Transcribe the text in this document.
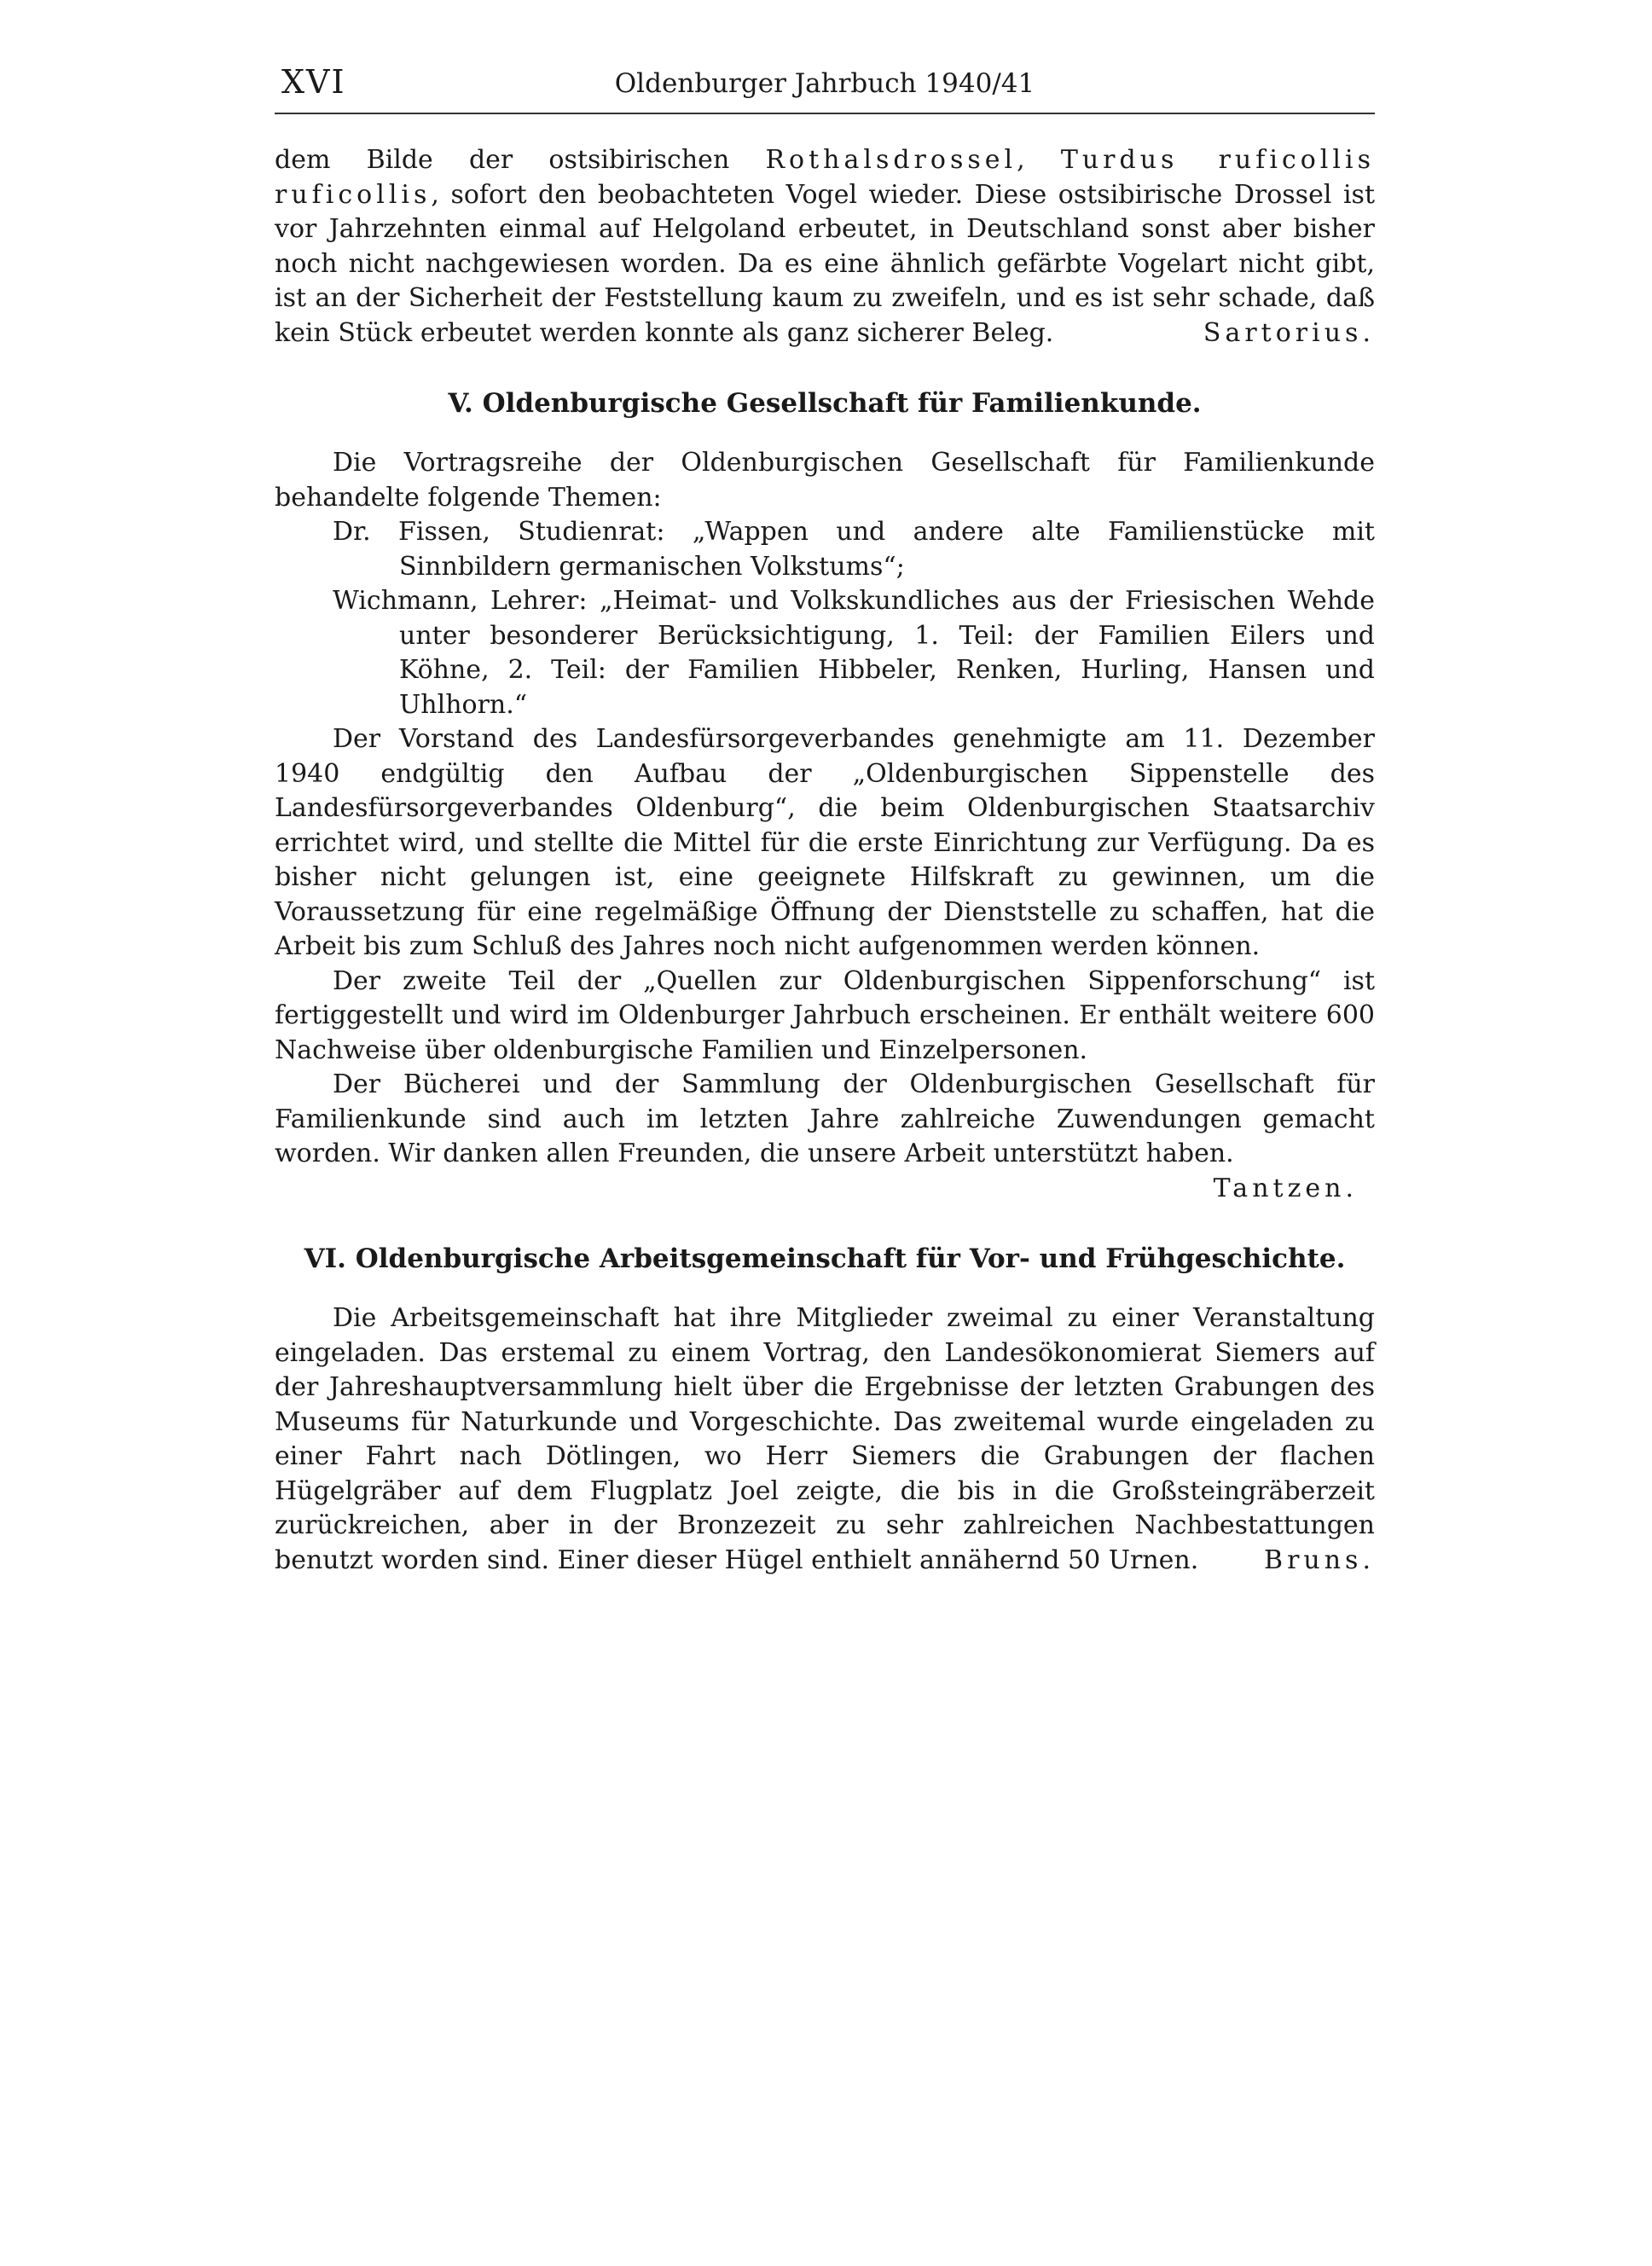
XVI	Oldenburger Jahrbuch 1940/41

dem Bilde der ostsibirischen Rothalsdrossel, Turdus ruficollis ruficollis, sofort den beobachteten Vogel wieder. Diese ostsibirische Drossel ist vor Jahrzehnten einmal auf Helgoland erbeutet, in Deutschland sonst aber bisher noch nicht nachgewiesen worden. Da es eine ähnlich gefärbte Vogelart nicht gibt, ist an der Sicherheit der Feststellung kaum zu zweifeln, und es ist sehr schade, daß kein Stück erbeutet werden konnte als ganz sicherer Beleg.	Sartorius.

V. Oldenburgische Gesellschaft für Familienkunde.

Die Vortragsreihe der Oldenburgischen Gesellschaft für Familienkunde behandelte folgende Themen:

Dr. Fissen, Studienrat: „Wappen und andere alte Familienstücke mit Sinnbildern germanischen Volkstums“;

Wichmann, Lehrer: „Heimat- und Volkskundliches aus der Friesischen Wehde unter besonderer Berücksichtigung, 1. Teil: der Familien Eilers und Köhne, 2. Teil: der Familien Hibbeler, Renken, Hurling, Hansen und Uhlhorn.“

Der Vorstand des Landesfürsorgeverbandes genehmigte am 11. Dezember 1940 endgültig den Aufbau der „Oldenburgischen Sippenstelle des Landesfürsorgeverbandes Oldenburg“, die beim Oldenburgischen Staatsarchiv errichtet wird, und stellte die Mittel für die erste Einrichtung zur Verfügung. Da es bisher nicht gelungen ist, eine geeignete Hilfskraft zu gewinnen, um die Voraussetzung für eine regelmäßige Öffnung der Dienststelle zu schaffen, hat die Arbeit bis zum Schluß des Jahres noch nicht aufgenommen werden können.

Der zweite Teil der „Quellen zur Oldenburgischen Sippenforschung“ ist fertiggestellt und wird im Oldenburger Jahrbuch erscheinen. Er enthält weitere 600 Nachweise über oldenburgische Familien und Einzelpersonen.

Der Bücherei und der Sammlung der Oldenburgischen Gesellschaft für Familienkunde sind auch im letzten Jahre zahlreiche Zuwendungen gemacht worden. Wir danken allen Freunden, die unsere Arbeit unterstützt haben.

Tantzen.

VI. Oldenburgische Arbeitsgemeinschaft für Vor- und Frühgeschichte.

Die Arbeitsgemeinschaft hat ihre Mitglieder zweimal zu einer Veranstaltung eingeladen. Das erstemal zu einem Vortrag, den Landesökonomierat Siemers auf der Jahreshauptversammlung hielt über die Ergebnisse der letzten Grabungen des Museums für Naturkunde und Vorgeschichte. Das zweitemal wurde eingeladen zu einer Fahrt nach Dötlingen, wo Herr Siemers die Grabungen der flachen Hügelgräber auf dem Flugplatz Joel zeigte, die bis in die Großsteingräberzeit zurückreichen, aber in der Bronzezeit zu sehr zahlreichen Nachbestattungen benutzt worden sind. Einer dieser Hügel enthielt annähernd 50 Urnen.	Bruns.
